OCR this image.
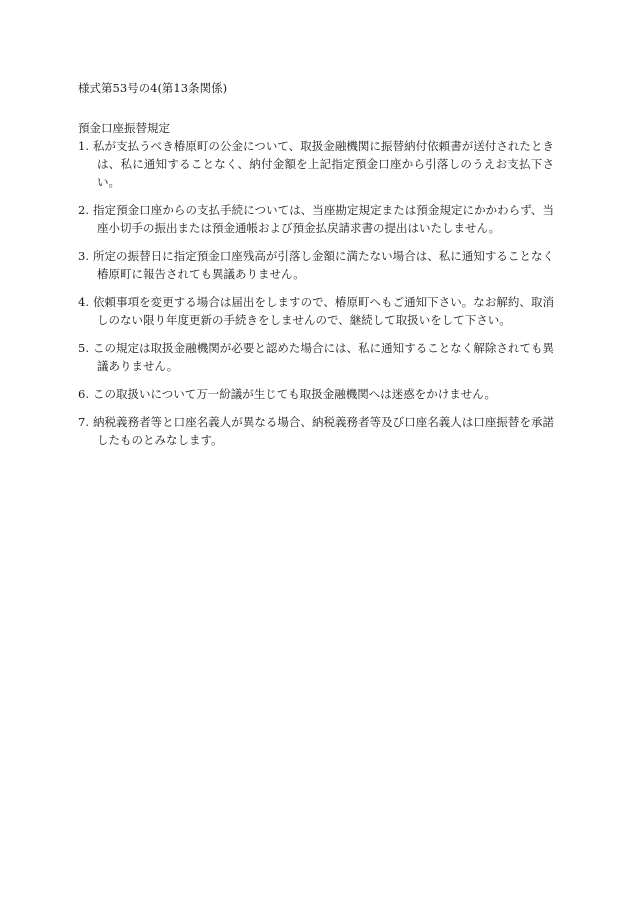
様式第53号の4(第13条関係)
預金口座振替規定
1. 私が支払うべき椿原町の公金について、取扱金融機関に振替納付依頼書が送付されたときは、私に通知することなく、納付金額を上記指定預金口座から引落しのうえお支払下さい。
2. 指定預金口座からの支払手続については、当座勘定規定または預金規定にかかわらず、当座小切手の振出または預金通帳および預金払戻請求書の提出はいたしません。
3. 所定の振替日に指定預金口座残高が引落し金額に満たない場合は、私に通知することなく椿原町に報告されても異議ありません。
4. 依頼事項を変更する場合は届出をしますので、椿原町へもご通知下さい。なお解約、取消しのない限り年度更新の手続きをしませんので、継続して取扱いをして下さい。
5. この規定は取扱金融機関が必要と認めた場合には、私に通知することなく解除されても異議ありません。
6. この取扱いについて万一紛議が生じても取扱金融機関へは迷惑をかけません。
7. 納税義務者等と口座名義人が異なる場合、納税義務者等及び口座名義人は口座振替を承諾したものとみなします。
